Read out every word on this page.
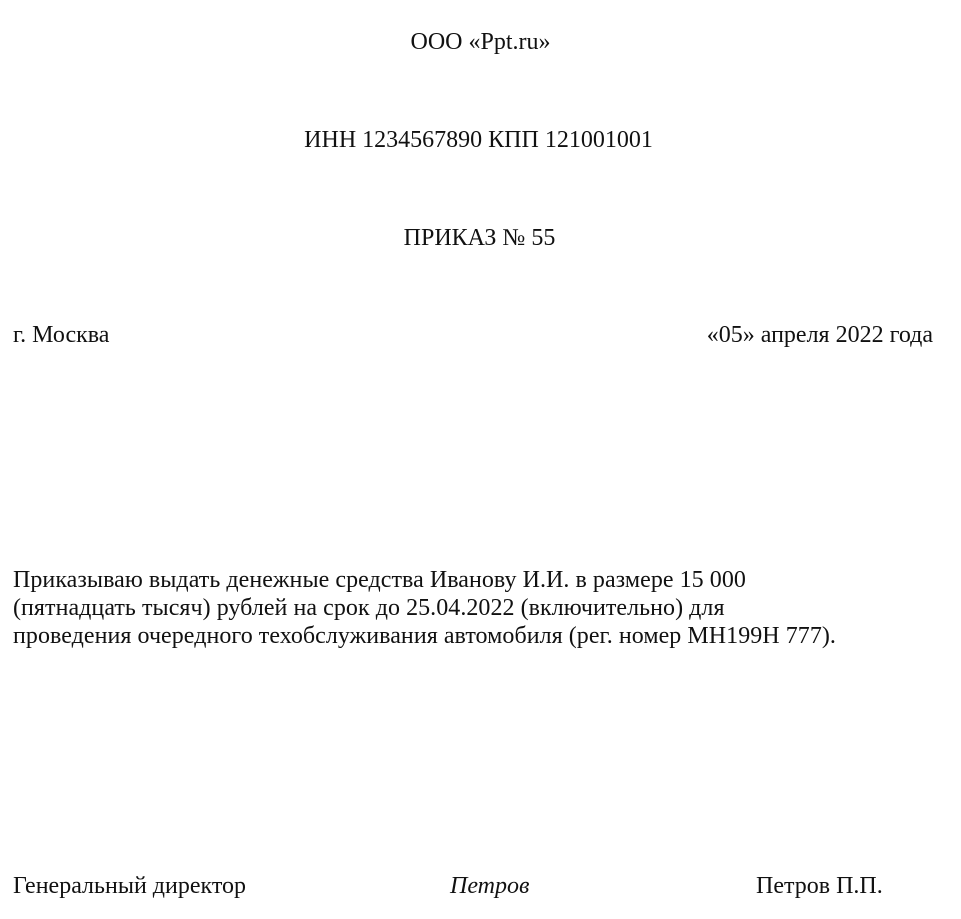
ООО «Ppt.ru»
ИНН 1234567890 КПП 121001001
ПРИКАЗ № 55
г. Москва	«05» апреля 2022 года
Приказываю выдать денежные средства Иванову И.И. в размере 15 000
(пятнадцать тысяч) рублей на срок до 25.04.2022 (включительно) для
проведения очередного техобслуживания автомобиля (рег. номер МН199Н 777).
Генеральный директор	Петров	Петров П.П.
